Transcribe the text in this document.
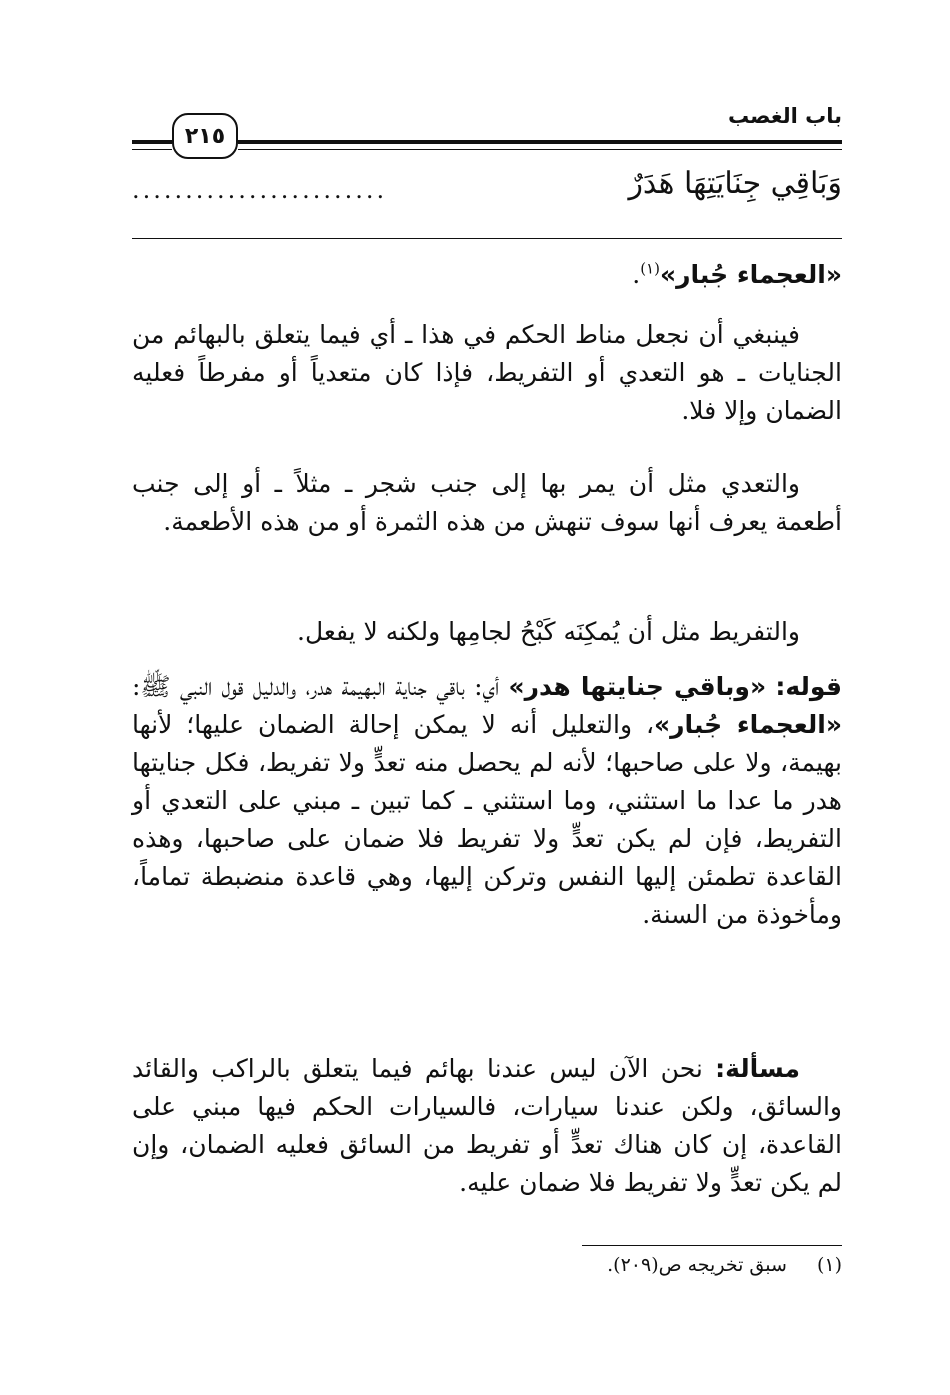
باب الغصب
٢١٥
وَبَاقِي جِنَايَتِهَا هَدَرٌ
........................
«العجماء جُبار»$^{(١)}$.
فينبغي أن نجعل مناط الحكم في هذا ـ أي فيما يتعلق بالبهائم من الجنايات ـ هو التعدي أو التفريط، فإذا كان متعدياً أو مفرطاً فعليه الضمان وإلا فلا.
والتعدي مثل أن يمر بها إلى جنب شجر ـ مثلاً ـ أو إلى جنب أطعمة يعرف أنها سوف تنهش من هذه الثمرة أو من هذه الأطعمة.
والتفريط مثل أن يُمكِنَه كَبْحُ لجامِها ولكنه لا يفعل.
قوله: «وباقي جنايتها هدر» أي: باقي جناية البهيمة هدر، والدليل قول النبي ﷺ: «العجماء جُبار»، والتعليل أنه لا يمكن إحالة الضمان عليها؛ لأنها بهيمة، ولا على صاحبها؛ لأنه لم يحصل منه تعدٍّ ولا تفريط، فكل جنايتها هدر ما عدا ما استثني، وما استثني ـ كما تبين ـ مبني على التعدي أو التفريط، فإن لم يكن تعدٍّ ولا تفريط فلا ضمان على صاحبها، وهذه القاعدة تطمئن إليها النفس وتركن إليها، وهي قاعدة منضبطة تماماً، ومأخوذة من السنة.
مسألة: نحن الآن ليس عندنا بهائم فيما يتعلق بالراكب والقائد والسائق، ولكن عندنا سيارات، فالسيارات الحكم فيها مبني على القاعدة، إن كان هناك تعدٍّ أو تفريط من السائق فعليه الضمان، وإن لم يكن تعدٍّ ولا تفريط فلا ضمان عليه.
(١)سبق تخريجه ص(٢٠٩).
